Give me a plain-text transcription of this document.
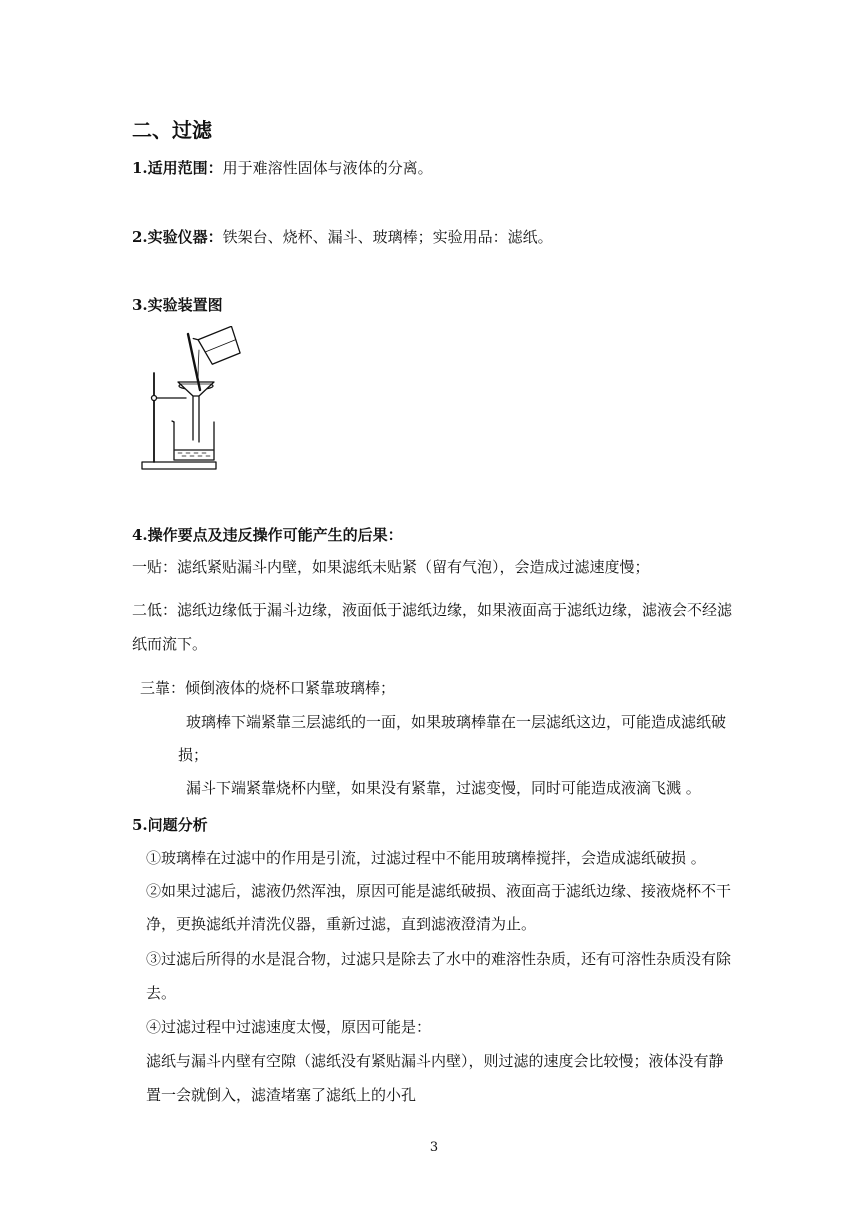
二、过滤
1.适用范围：用于难溶性固体与液体的分离。
2.实验仪器：铁架台、烧杯、漏斗、玻璃棒；实验用品：滤纸。
3.实验装置图
4.操作要点及违反操作可能产生的后果：
一贴：滤纸紧贴漏斗内壁，如果滤纸未贴紧（留有气泡），会造成过滤速度慢；
二低：滤纸边缘低于漏斗边缘，液面低于滤纸边缘，如果液面高于滤纸边缘，滤液会不经滤
纸而流下。
三靠：倾倒液体的烧杯口紧靠玻璃棒；
玻璃棒下端紧靠三层滤纸的一面，如果玻璃棒靠在一层滤纸这边，可能造成滤纸破
损；
漏斗下端紧靠烧杯内壁，如果没有紧靠，过滤变慢，同时可能造成液滴飞溅 。
5.问题分析
①玻璃棒在过滤中的作用是引流，过滤过程中不能用玻璃棒搅拌，会造成滤纸破损 。
②如果过滤后，滤液仍然浑浊，原因可能是滤纸破损、液面高于滤纸边缘、接液烧杯不干
净，更换滤纸并清洗仪器，重新过滤，直到滤液澄清为止。
③过滤后所得的水是混合物，过滤只是除去了水中的难溶性杂质，还有可溶性杂质没有除
去。
④过滤过程中过滤速度太慢，原因可能是：
滤纸与漏斗内壁有空隙（滤纸没有紧贴漏斗内壁），则过滤的速度会比较慢；液体没有静
置一会就倒入，滤渣堵塞了滤纸上的小孔
3
